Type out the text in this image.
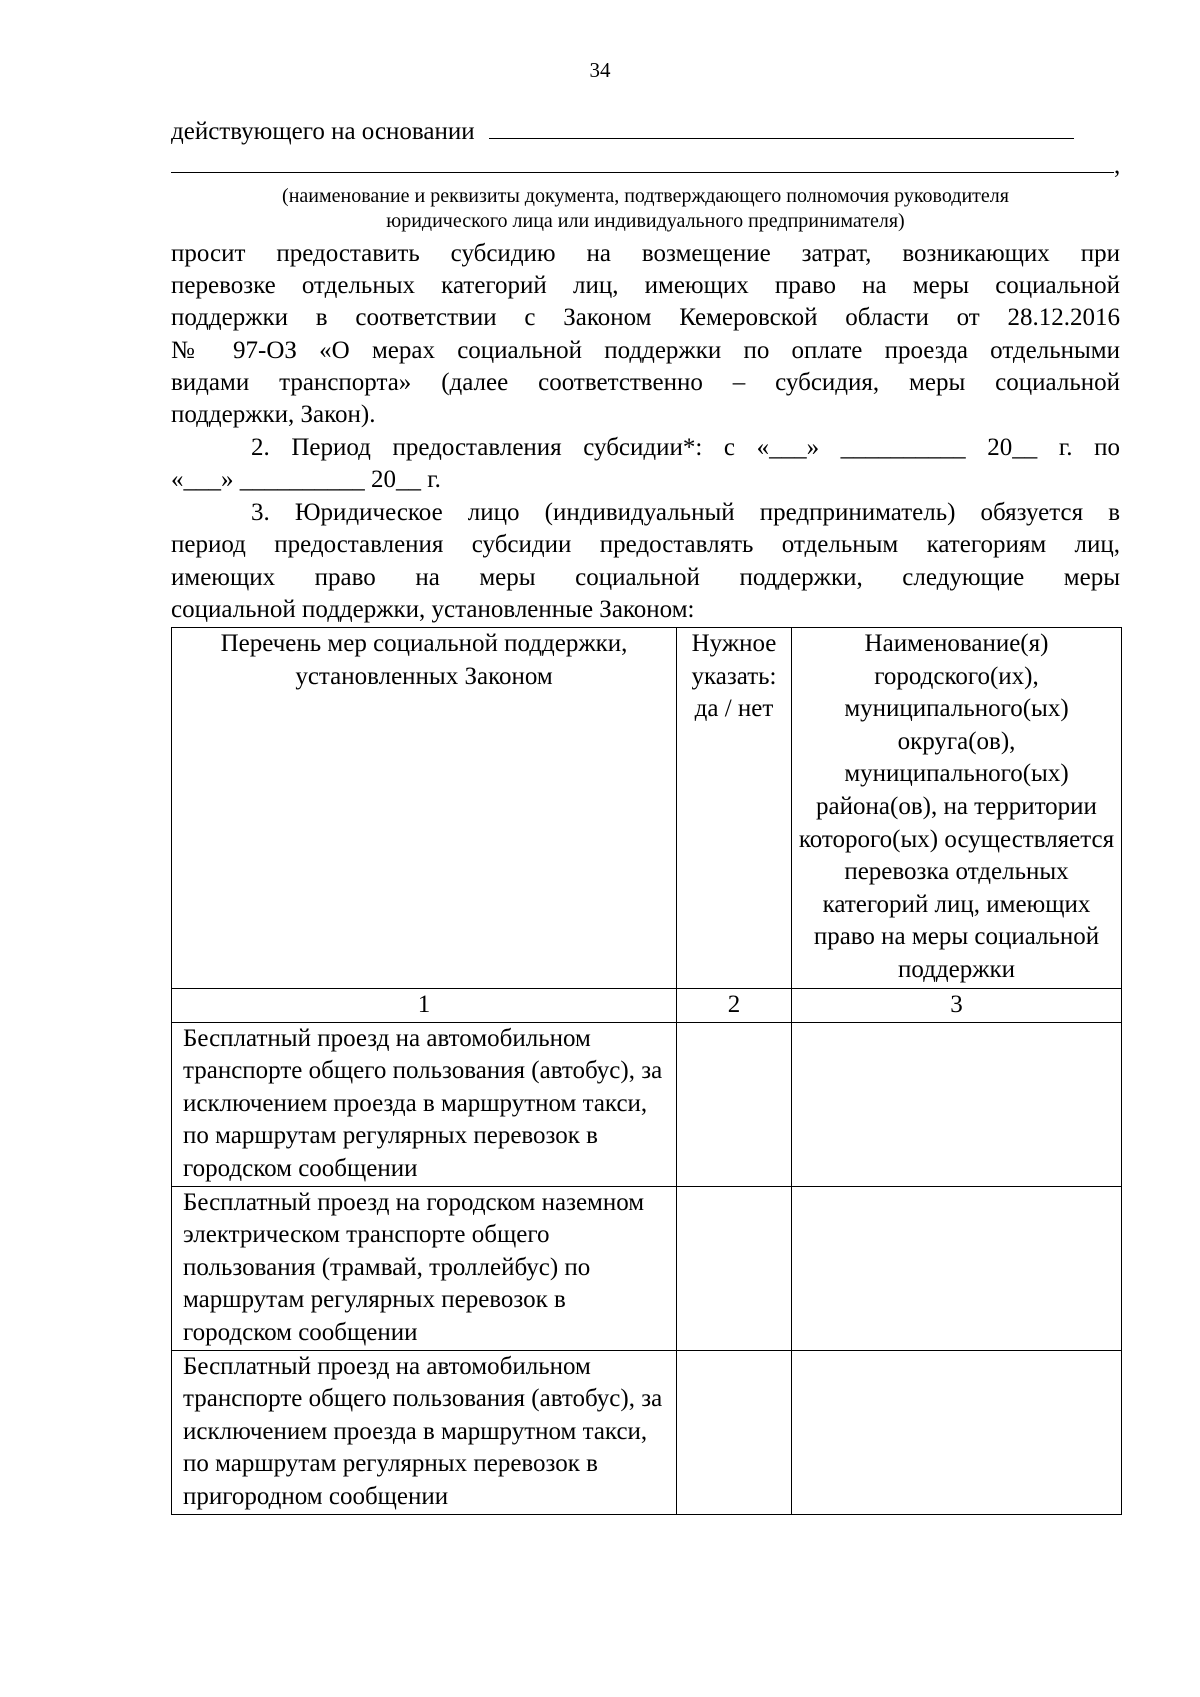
34
действующего на основании
,
(наименование и реквизиты документа, подтверждающего полномочия руководителя
юридического лица или индивидуального предпринимателя)
просит предоставить субсидию на возмещение затрат, возникающих при
перевозке отдельных категорий лиц, имеющих право на меры социальной
поддержки в соответствии с Законом Кемеровской области от 28.12.2016
№ 97-ОЗ «О мерах социальной поддержки по оплате проезда отдельными
видами транспорта» (далее соответственно – субсидия, меры социальной
поддержки, Закон).
2. Период предоставления субсидии*: с «___» __________ 20__ г. по
«___» __________ 20__ г.
3. Юридическое лицо (индивидуальный предприниматель) обязуется в
период предоставления субсидии предоставлять отдельным категориям лиц,
имеющих право на меры социальной поддержки, следующие меры
социальной поддержки, установленные Законом:
Перечень мер социальной поддержки, установленных Законом	Нужное указать: да / нет	Наименование(я) городского(их), муниципального(ых) округа(ов), муниципального(ых) района(ов), на территории которого(ых) осуществляется перевозка отдельных категорий лиц, имеющих право на меры социальной поддержки
1	2	3
Бесплатный проезд на автомобильном транспорте общего пользования (автобус), за исключением проезда в маршрутном такси, по маршрутам регулярных перевозок в городском сообщении		
Бесплатный проезд на городском наземном электрическом транспорте общего пользования (трамвай, троллейбус) по маршрутам регулярных перевозок в городском сообщении		
Бесплатный проезд на автомобильном транспорте общего пользования (автобус), за исключением проезда в маршрутном такси, по маршрутам регулярных перевозок в пригородном сообщении		
